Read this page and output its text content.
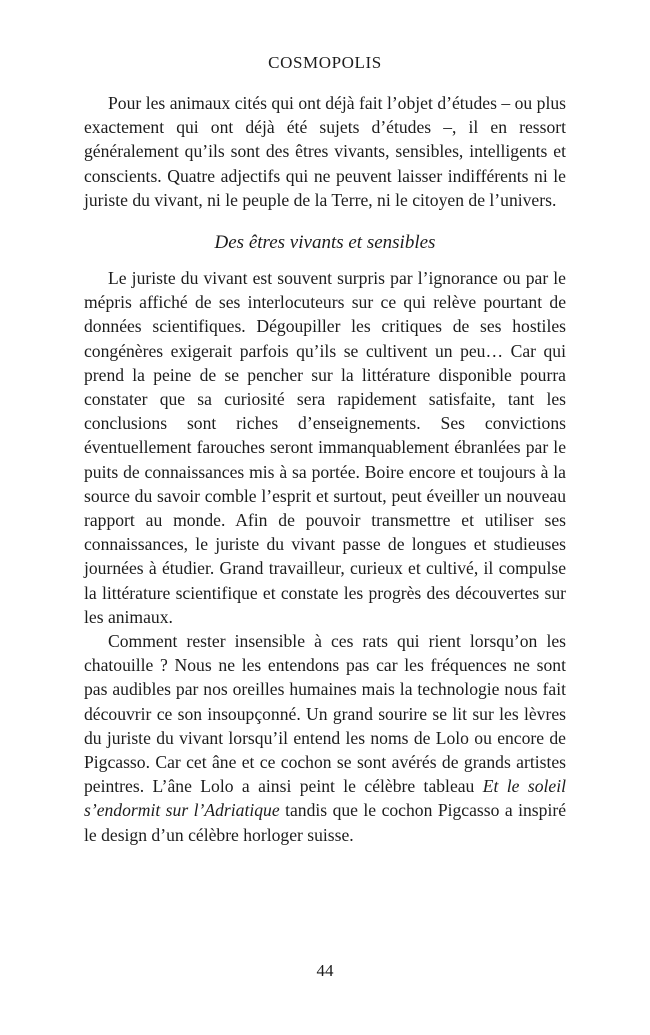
COSMOPOLIS

Pour les animaux cités qui ont déjà fait l’objet d’études – ou plus exactement qui ont déjà été sujets d’études –, il en ressort généralement qu’ils sont des êtres vivants, sensibles, intelligents et conscients. Quatre adjectifs qui ne peuvent laisser indifférents ni le juriste du vivant, ni le peuple de la Terre, ni le citoyen de l’univers.

Des êtres vivants et sensibles

Le juriste du vivant est souvent surpris par l’ignorance ou par le mépris affiché de ses interlocuteurs sur ce qui relève pourtant de données scientifiques. Dégoupiller les critiques de ses hostiles congénères exigerait parfois qu’ils se cultivent un peu… Car qui prend la peine de se pencher sur la littérature disponible pourra constater que sa curiosité sera rapidement satisfaite, tant les conclusions sont riches d’enseignements. Ses convictions éventuellement farouches seront immanquablement ébranlées par le puits de connaissances mis à sa portée. Boire encore et toujours à la source du savoir comble l’esprit et surtout, peut éveiller un nouveau rapport au monde. Afin de pouvoir transmettre et utiliser ses connaissances, le juriste du vivant passe de longues et studieuses journées à étudier. Grand travailleur, curieux et cultivé, il compulse la littérature scientifique et constate les progrès des découvertes sur les animaux.

Comment rester insensible à ces rats qui rient lorsqu’on les chatouille ? Nous ne les entendons pas car les fréquences ne sont pas audibles par nos oreilles humaines mais la technologie nous fait découvrir ce son insoupçonné. Un grand sourire se lit sur les lèvres du juriste du vivant lorsqu’il entend les noms de Lolo ou encore de Pigcasso. Car cet âne et ce cochon se sont avérés de grands artistes peintres. L’âne Lolo a ainsi peint le célèbre tableau Et le soleil s’endormit sur l’Adriatique tandis que le cochon Pigcasso a inspiré le design d’un célèbre horloger suisse.

44
